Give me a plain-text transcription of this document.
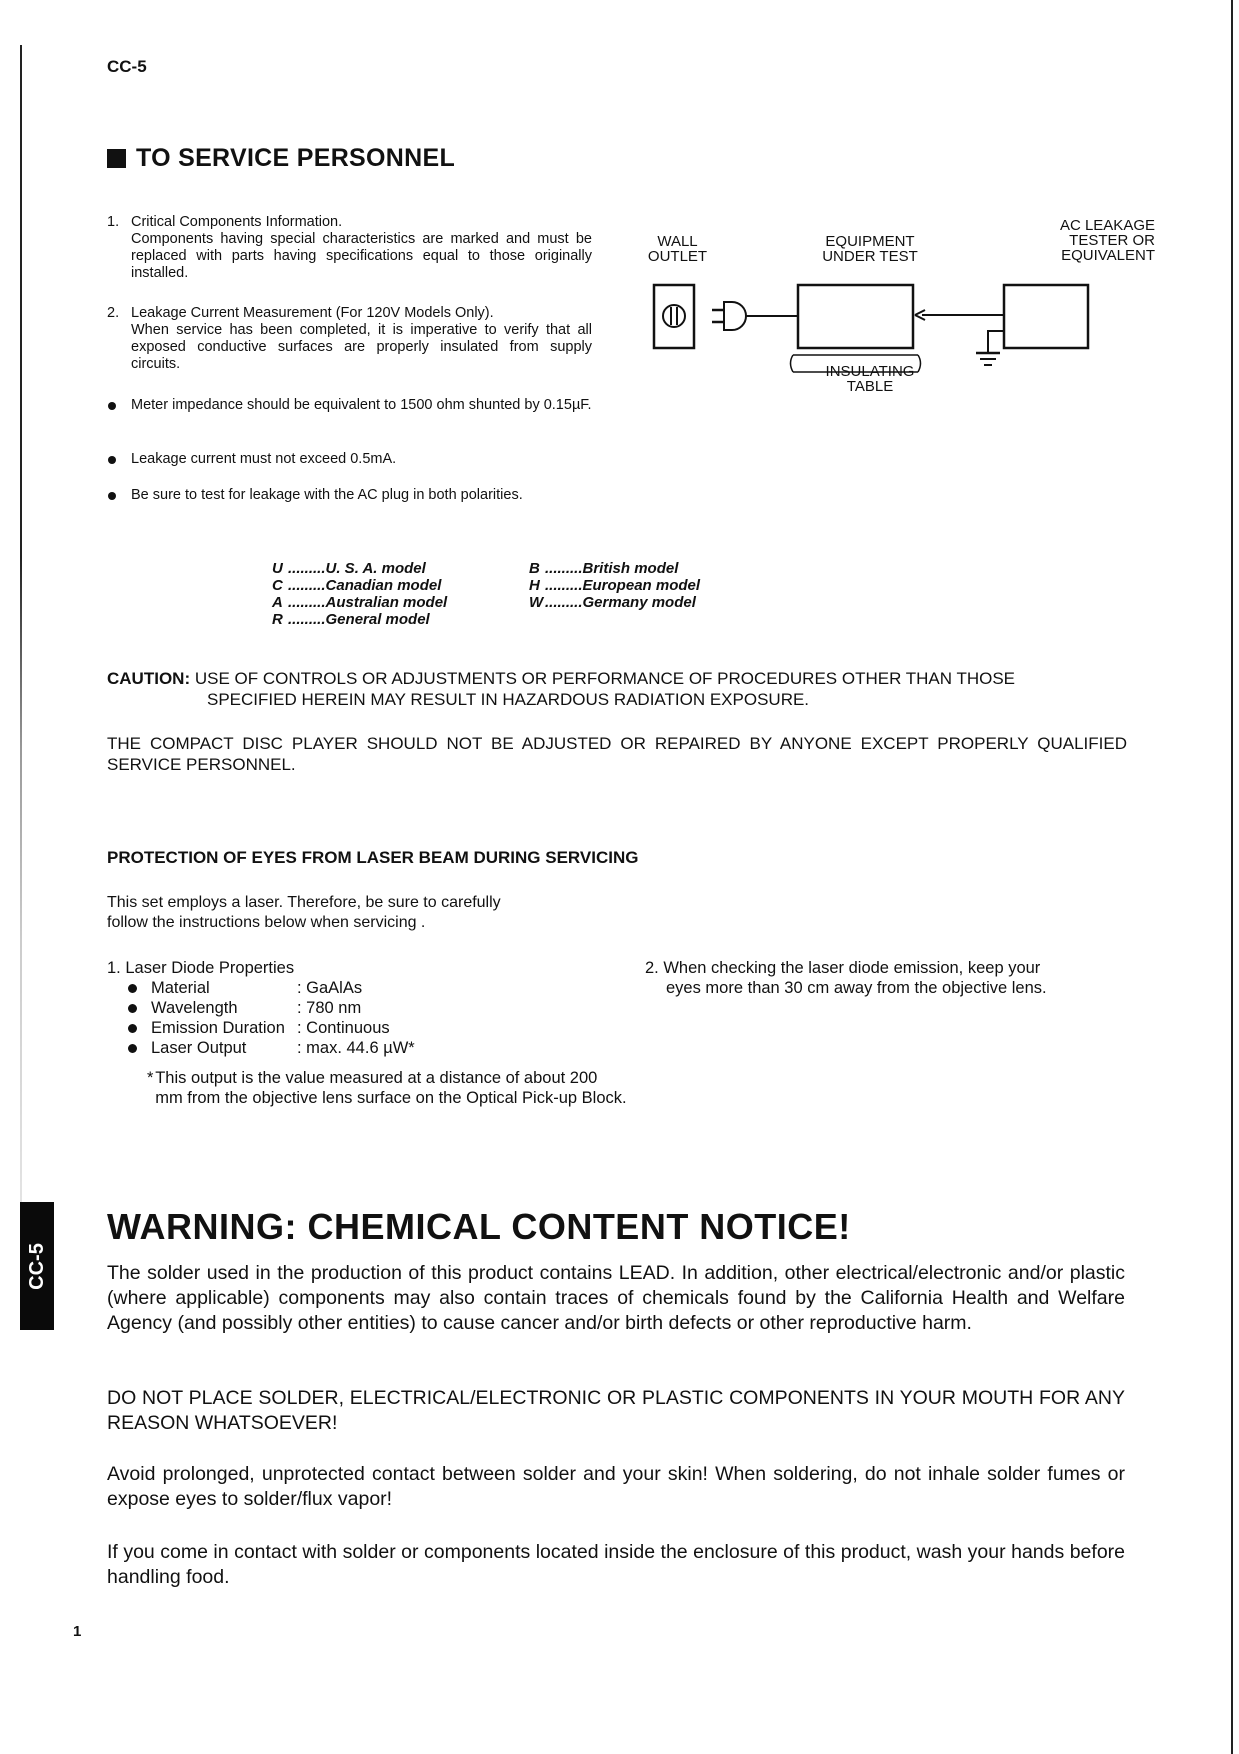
CC-5
TO SERVICE PERSONNEL
1. Critical Components Information.
Components having special characteristics are marked and must be replaced with parts having specifications equal to those originally installed.
2. Leakage Current Measurement (For 120V Models Only).
When service has been completed, it is imperative to verify that all exposed conductive surfaces are properly insulated from supply circuits.
Meter impedance should be equivalent to 1500 ohm shunted by 0.15µF.
Leakage current must not exceed 0.5mA.
Be sure to test for leakage with the AC plug in both polarities.
WALL
OUTLET
EQUIPMENT
UNDER TEST
AC LEAKAGE
TESTER OR
EQUIVALENT
INSULATING
TABLE
U ......... U. S. A. model
C ......... Canadian model
A ......... Australian model
R ......... General model
B ......... British model
H ......... European model
W ......... Germany model
CAUTION: USE OF CONTROLS OR ADJUSTMENTS OR PERFORMANCE OF PROCEDURES OTHER THAN THOSE
SPECIFIED HEREIN MAY RESULT IN HAZARDOUS RADIATION EXPOSURE.
THE COMPACT DISC PLAYER SHOULD NOT BE ADJUSTED OR REPAIRED BY ANYONE EXCEPT PROPERLY QUALIFIED SERVICE PERSONNEL.
PROTECTION OF EYES FROM LASER BEAM DURING SERVICING
This set employs a laser. Therefore, be sure to carefully
follow the instructions below when servicing .
1. Laser Diode Properties
Material	: GaAlAs
Wavelength	: 780 nm
Emission Duration : Continuous
Laser Output	: max. 44.6 µW*
* This output is the value measured at a distance of about 200 mm from the objective lens surface on the Optical Pick-up Block.
2. When checking the laser diode emission, keep your
eyes more than 30 cm away from the objective lens.
CC-5
WARNING: CHEMICAL CONTENT NOTICE!
The solder used in the production of this product contains LEAD. In addition, other electrical/electronic and/or plastic (where applicable) components may also contain traces of chemicals found by the California Health and Welfare Agency (and possibly other entities) to cause cancer and/or birth defects or other reproductive harm.
DO NOT PLACE SOLDER, ELECTRICAL/ELECTRONIC OR PLASTIC COMPONENTS IN YOUR MOUTH FOR ANY REASON WHATSOEVER!
Avoid prolonged, unprotected contact between solder and your skin! When soldering, do not inhale solder fumes or expose eyes to solder/flux vapor!
If you come in contact with solder or components located inside the enclosure of this product, wash your hands before handling food.
1
